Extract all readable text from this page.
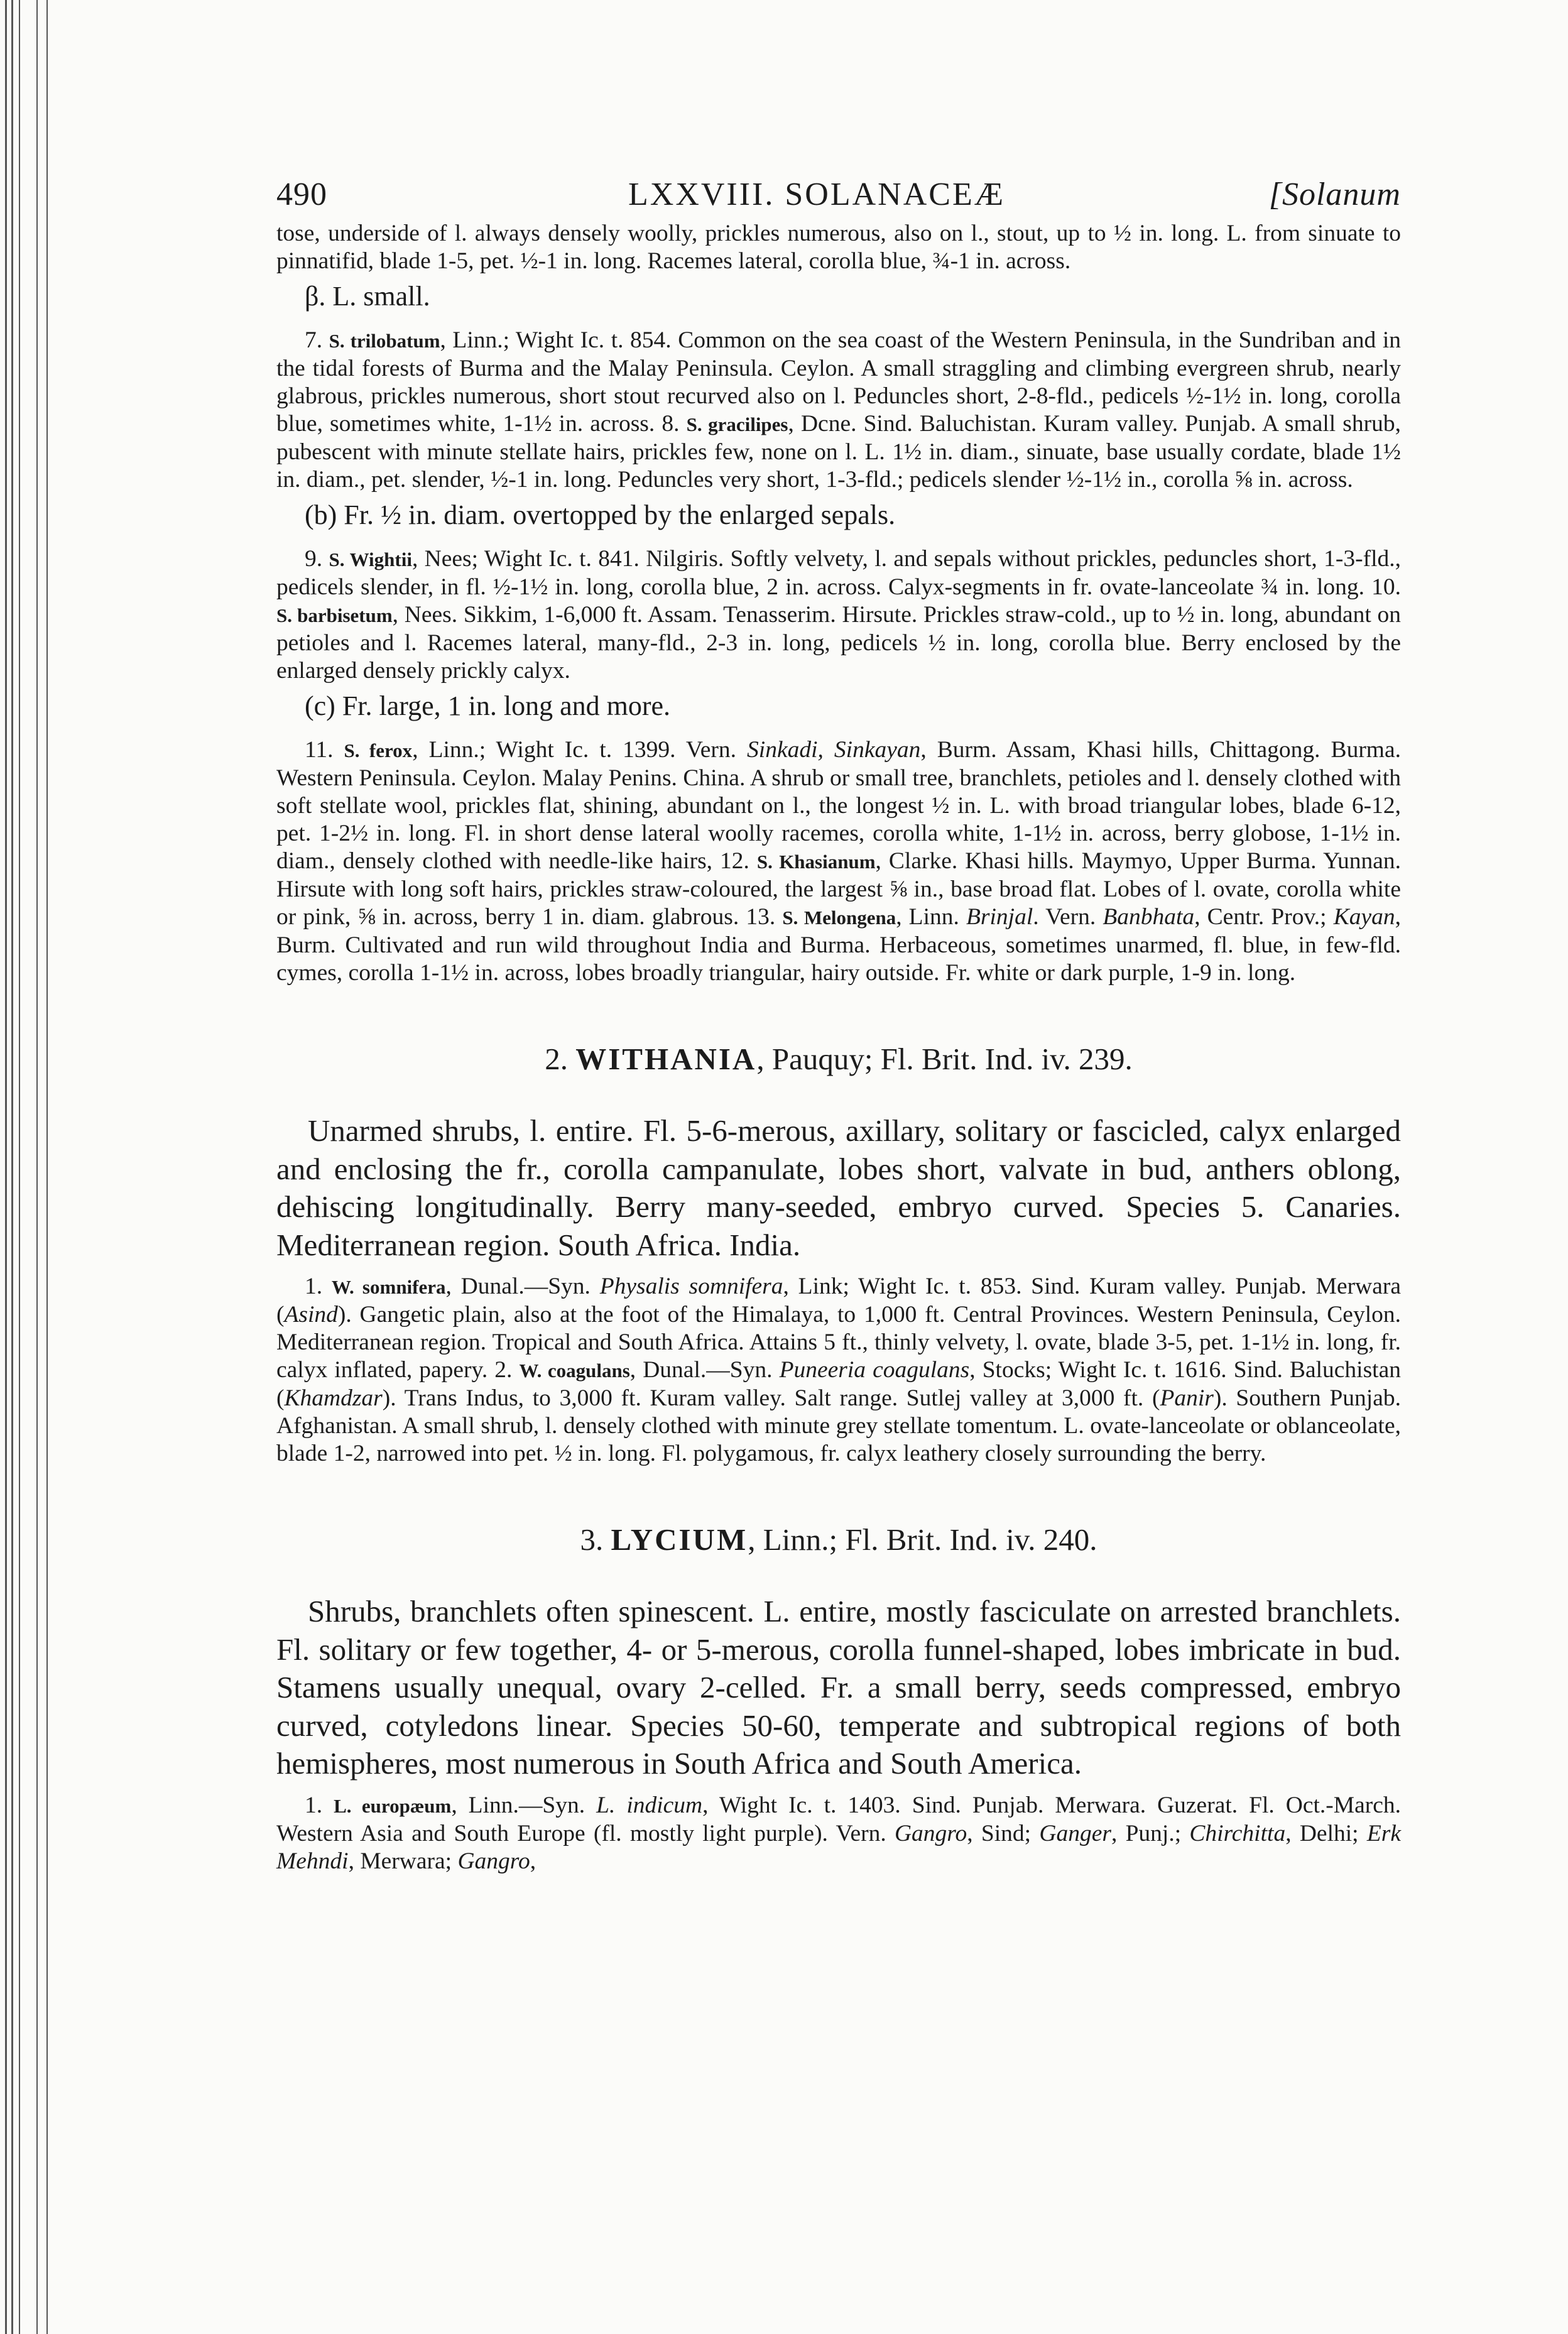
490	LXXVIII. SOLANACEÆ	[Solanum

tose, underside of l. always densely woolly, prickles numerous, also on l., stout, up to ½ in. long. L. from sinuate to pinnatifid, blade 1-5, pet. ½-1 in. long. Racemes lateral, corolla blue, ¾-1 in. across.

β. L. small.

7. S. trilobatum, Linn.; Wight Ic. t. 854. Common on the sea coast of the Western Peninsula, in the Sundriban and in the tidal forests of Burma and the Malay Peninsula. Ceylon. A small straggling and climbing evergreen shrub, nearly glabrous, prickles numerous, short stout recurved also on l. Peduncles short, 2-8-fld., pedicels ½-1½ in. long, corolla blue, sometimes white, 1-1½ in. across. 8. S. gracilipes, Dcne. Sind. Baluchistan. Kuram valley. Punjab. A small shrub, pubescent with minute stellate hairs, prickles few, none on l. L. 1½ in. diam., sinuate, base usually cordate, blade 1½ in. diam., pet. slender, ½-1 in. long. Peduncles very short, 1-3-fld.; pedicels slender ½-1½ in., corolla ⅝ in. across.

(b) Fr. ½ in. diam. overtopped by the enlarged sepals.

9. S. Wightii, Nees; Wight Ic. t. 841. Nilgiris. Softly velvety, l. and sepals without prickles, peduncles short, 1-3-fld., pedicels slender, in fl. ½-1½ in. long, corolla blue, 2 in. across. Calyx-segments in fr. ovate-lanceolate ¾ in. long. 10. S. barbisetum, Nees. Sikkim, 1-6,000 ft. Assam. Tenasserim. Hirsute. Prickles straw-cold., up to ½ in. long, abundant on petioles and l. Racemes lateral, many-fld., 2-3 in. long, pedicels ½ in. long, corolla blue. Berry enclosed by the enlarged densely prickly calyx.

(c) Fr. large, 1 in. long and more.

11. S. ferox, Linn.; Wight Ic. t. 1399. Vern. Sinkadi, Sinkayan, Burm. Assam, Khasi hills, Chittagong. Burma. Western Peninsula. Ceylon. Malay Penins. China. A shrub or small tree, branchlets, petioles and l. densely clothed with soft stellate wool, prickles flat, shining, abundant on l., the longest ½ in. L. with broad triangular lobes, blade 6-12, pet. 1-2½ in. long. Fl. in short dense lateral woolly racemes, corolla white, 1-1½ in. across, berry globose, 1-1½ in. diam., densely clothed with needle-like hairs, 12. S. Khasianum, Clarke. Khasi hills. Maymyo, Upper Burma. Yunnan. Hirsute with long soft hairs, prickles straw-coloured, the largest ⅝ in., base broad flat. Lobes of l. ovate, corolla white or pink, ⅝ in. across, berry 1 in. diam. glabrous. 13. S. Melongena, Linn. Brinjal. Vern. Banbhata, Centr. Prov.; Kayan, Burm. Cultivated and run wild throughout India and Burma. Herbaceous, sometimes unarmed, fl. blue, in few-fld. cymes, corolla 1-1½ in. across, lobes broadly triangular, hairy outside. Fr. white or dark purple, 1-9 in. long.

2. WITHANIA, Pauquy; Fl. Brit. Ind. iv. 239.

Unarmed shrubs, l. entire. Fl. 5-6-merous, axillary, solitary or fascicled, calyx enlarged and enclosing the fr., corolla campanulate, lobes short, valvate in bud, anthers oblong, dehiscing longitudinally. Berry many-seeded, embryo curved. Species 5. Canaries. Mediterranean region. South Africa. India.

1. W. somnifera, Dunal.—Syn. Physalis somnifera, Link; Wight Ic. t. 853. Sind. Kuram valley. Punjab. Merwara (Asind). Gangetic plain, also at the foot of the Himalaya, to 1,000 ft. Central Provinces. Western Peninsula, Ceylon. Mediterranean region. Tropical and South Africa. Attains 5 ft., thinly velvety, l. ovate, blade 3-5, pet. 1-1½ in. long, fr. calyx inflated, papery. 2. W. coagulans, Dunal.—Syn. Puneeria coagulans, Stocks; Wight Ic. t. 1616. Sind. Baluchistan (Khamdzar). Trans Indus, to 3,000 ft. Kuram valley. Salt range. Sutlej valley at 3,000 ft. (Panir). Southern Punjab. Afghanistan. A small shrub, l. densely clothed with minute grey stellate tomentum. L. ovate-lanceolate or oblanceolate, blade 1-2, narrowed into pet. ½ in. long. Fl. polygamous, fr. calyx leathery closely surrounding the berry.

3. LYCIUM, Linn.; Fl. Brit. Ind. iv. 240.

Shrubs, branchlets often spinescent. L. entire, mostly fasciculate on arrested branchlets. Fl. solitary or few together, 4- or 5-merous, corolla funnel-shaped, lobes imbricate in bud. Stamens usually unequal, ovary 2-celled. Fr. a small berry, seeds compressed, embryo curved, cotyledons linear. Species 50-60, temperate and subtropical regions of both hemispheres, most numerous in South Africa and South America.

1. L. europæum, Linn.—Syn. L. indicum, Wight Ic. t. 1403. Sind. Punjab. Merwara. Guzerat. Fl. Oct.-March. Western Asia and South Europe (fl. mostly light purple). Vern. Gangro, Sind; Ganger, Punj.; Chirchitta, Delhi; Erk Mehndi, Merwara; Gangro,
